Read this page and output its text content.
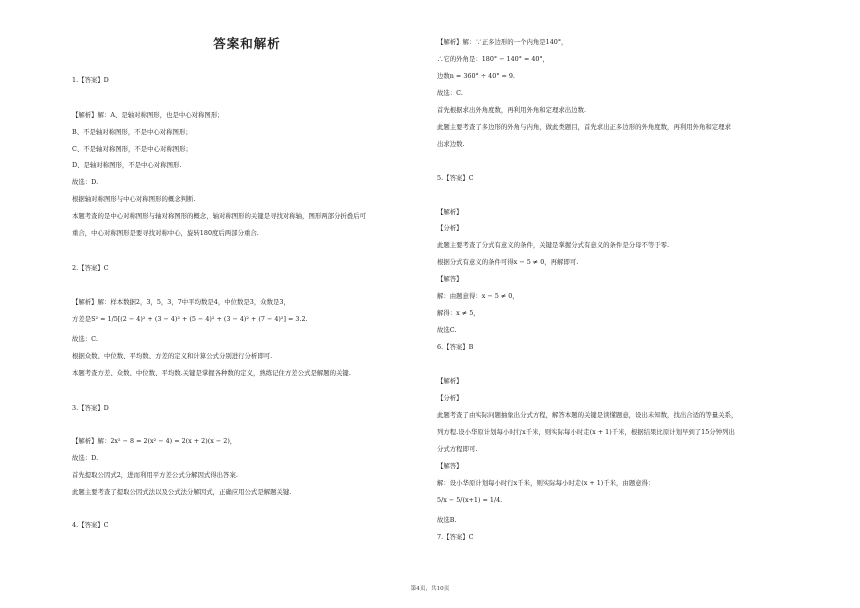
答案和解析
1.【答案】D
【解析】解：A、是轴对称图形，也是中心对称图形；
B、不是轴对称图形，不是中心对称图形；
C、不是轴对称图形，不是中心对称图形；
D、是轴对称图形，不是中心对称图形.
故选：D.
根据轴对称图形与中心对称图形的概念判断.
本题考查的是中心对称图形与轴对称图形的概念，轴对称图形的关键是寻找对称轴，图形两部分折叠后可
重合，中心对称图形是要寻找对称中心，旋转180度后两部分重合.
2.【答案】C
【解析】解：样本数据2，3，5，3，7中平均数是4，中位数是3，众数是3，
方差是S² = 1/5[(2 − 4)² + (3 − 4)² + (5 − 4)² + (3 − 4)² + (7 − 4)²] = 3.2.
故选：C.
根据众数、中位数、平均数、方差的定义和计算公式分别进行分析即可.
本题考查方差、众数、中位数、平均数.关键是掌握各种数的定义，熟练记住方差公式是解题的关键.
3.【答案】D
【解析】解：2x² − 8 = 2(x² − 4) = 2(x + 2)(x − 2)，
故选：D.
首先提取公因式2，进而利用平方差公式分解因式得出答案.
此题主要考查了提取公因式法以及公式法分解因式，正确应用公式是解题关键.
4.【答案】C
【解析】解：∵正多边形的一个内角是140°，
∴它的外角是：180° − 140° = 40°，
边数n = 360° ÷ 40° = 9.
故选：C.
首先根据求出外角度数，再利用外角和定理求出边数.
此题主要考查了多边形的外角与内角，做此类题目，首先求出正多边形的外角度数，再利用外角和定理求
出求边数.
5.【答案】C
【解析】
【分析】
此题主要考查了分式有意义的条件，关键是掌握分式有意义的条件是分母不等于零.
根据分式有意义的条件可得x − 5 ≠ 0，再解即可.
【解答】
解：由题意得：x − 5 ≠ 0，
解得：x ≠ 5，
故选C.
6.【答案】B
【解析】
【分析】
此题考查了由实际问题抽象出分式方程，解答本题的关键是读懂题意，设出未知数，找出合适的等量关系，
列方程.设小华原计划每小时行x千米，则实际每小时走(x + 1)千米，根据结果比原计划早到了15分钟列出
分式方程即可.
【解答】
解：设小华原计划每小时行x千米，则实际每小时走(x + 1)千米，由题意得：
5/x − 5/(x+1) = 1/4.
故选B.
7.【答案】C
第4页，共10页
